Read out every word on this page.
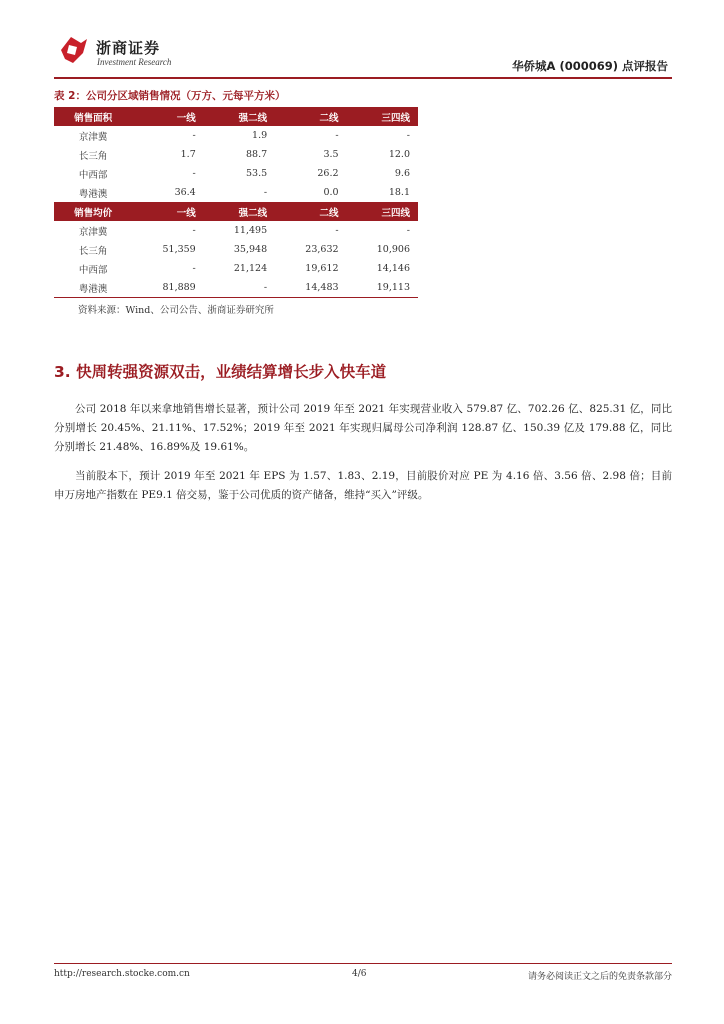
浙商证券
Investment Research	华侨城A (000069) 点评报告
表 2：公司分区域销售情况（万方、元每平方米）
销售面积	一线	强二线	二线	三四线
京津冀	-	1.9	-	-
长三角	1.7	88.7	3.5	12.0
中西部	-	53.5	26.2	9.6
粤港澳	36.4	-	0.0	18.1
销售均价	一线	强二线	二线	三四线
京津冀	-	11,495	-	-
长三角	51,359	35,948	23,632	10,906
中西部	-	21,124	19,612	14,146
粤港澳	81,889	-	14,483	19,113
资料来源：Wind、公司公告、浙商证券研究所
3. 快周转强资源双击，业绩结算增长步入快车道
公司 2018 年以来拿地销售增长显著，预计公司 2019 年至 2021 年实现营业收入 579.87 亿、702.26 亿、825.31 亿，同比分别增长 20.45%、21.11%、17.52%；2019 年至 2021 年实现归属母公司净利润 128.87 亿、150.39 亿及 179.88 亿，同比分别增长 21.48%、16.89%及 19.61%。
当前股本下，预计 2019 年至 2021 年 EPS 为 1.57、1.83、2.19，目前股价对应 PE 为 4.16 倍、3.56 倍、2.98 倍；目前申万房地产指数在 PE9.1 倍交易，鉴于公司优质的资产储备，维持“买入”评级。
http://research.stocke.com.cn	4/6	请务必阅读正文之后的免责条款部分
